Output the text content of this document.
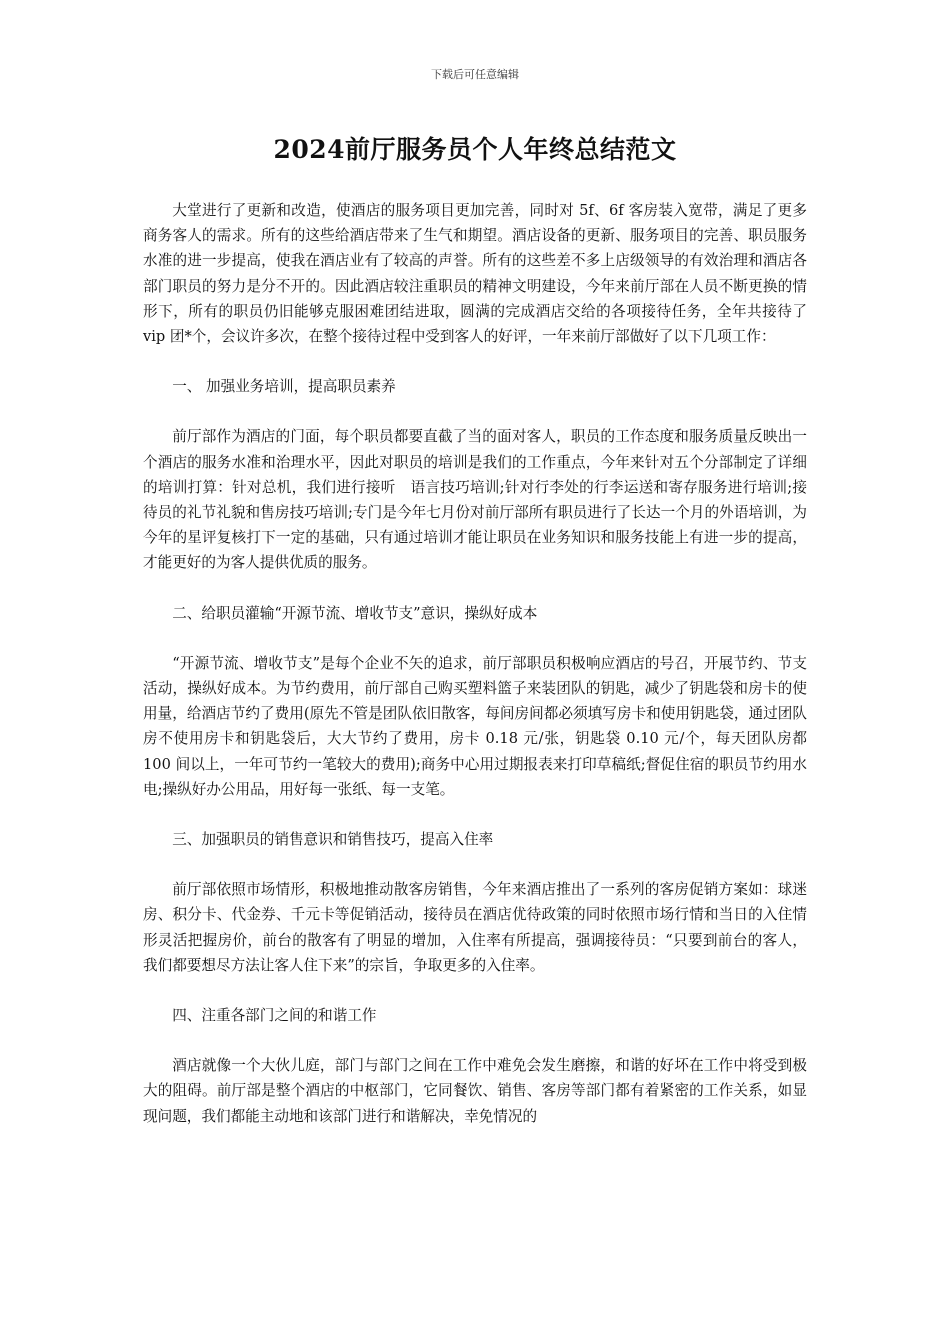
下载后可任意编辑
2024前厅服务员个人年终总结范文

大堂进行了更新和改造，使酒店的服务项目更加完善，同时对 5f、6f 客房装入宽带，满足了更多商务客人的需求。所有的这些给酒店带来了生气和期望。酒店设备的更新、服务项目的完善、职员服务水准的进一步提高，使我在酒店业有了较高的声誉。所有的这些差不多上店级领导的有效治理和酒店各部门职员的努力是分不开的。因此酒店较注重职员的精神文明建设，今年来前厅部在人员不断更换的情形下，所有的职员仍旧能够克服困难团结进取，圆满的完成酒店交给的各项接待任务，全年共接待了 vip 团*个，会议许多次，在整个接待过程中受到客人的好评，一年来前厅部做好了以下几项工作：

一、 加强业务培训，提高职员素养

前厅部作为酒店的门面，每个职员都要直截了当的面对客人，职员的工作态度和服务质量反映出一个酒店的服务水准和治理水平，因此对职员的培训是我们的工作重点，今年来针对五个分部制定了详细的培训打算：针对总机，我们进行接听　语言技巧培训;针对行李处的行李运送和寄存服务进行培训;接待员的礼节礼貌和售房技巧培训;专门是今年七月份对前厅部所有职员进行了长达一个月的外语培训，为今年的星评复核打下一定的基础，只有通过培训才能让职员在业务知识和服务技能上有进一步的提高，才能更好的为客人提供优质的服务。

二、给职员灌输“开源节流、增收节支”意识，操纵好成本

“开源节流、增收节支”是每个企业不矢的追求，前厅部职员积极响应酒店的号召，开展节约、节支活动，操纵好成本。为节约费用，前厅部自己购买塑料篮子来装团队的钥匙，减少了钥匙袋和房卡的使用量，给酒店节约了费用(原先不管是团队依旧散客，每间房间都必须填写房卡和使用钥匙袋，通过团队房不使用房卡和钥匙袋后，大大节约了费用，房卡 0.18 元/张，钥匙袋 0.10 元/个，每天团队房都 100 间以上，一年可节约一笔较大的费用);商务中心用过期报表来打印草稿纸;督促住宿的职员节约用水电;操纵好办公用品，用好每一张纸、每一支笔。

三、加强职员的销售意识和销售技巧，提高入住率

前厅部依照市场情形，积极地推动散客房销售，今年来酒店推出了一系列的客房促销方案如：球迷房、积分卡、代金券、千元卡等促销活动，接待员在酒店优待政策的同时依照市场行情和当日的入住情形灵活把握房价，前台的散客有了明显的增加，入住率有所提高，强调接待员：“只要到前台的客人，我们都要想尽方法让客人住下来”的宗旨，争取更多的入住率。

四、注重各部门之间的和谐工作

酒店就像一个大伙儿庭，部门与部门之间在工作中难免会发生磨擦，和谐的好坏在工作中将受到极大的阻碍。前厅部是整个酒店的中枢部门，它同餐饮、销售、客房等部门都有着紧密的工作关系，如显现问题，我们都能主动地和该部门进行和谐解决，幸免情况的
